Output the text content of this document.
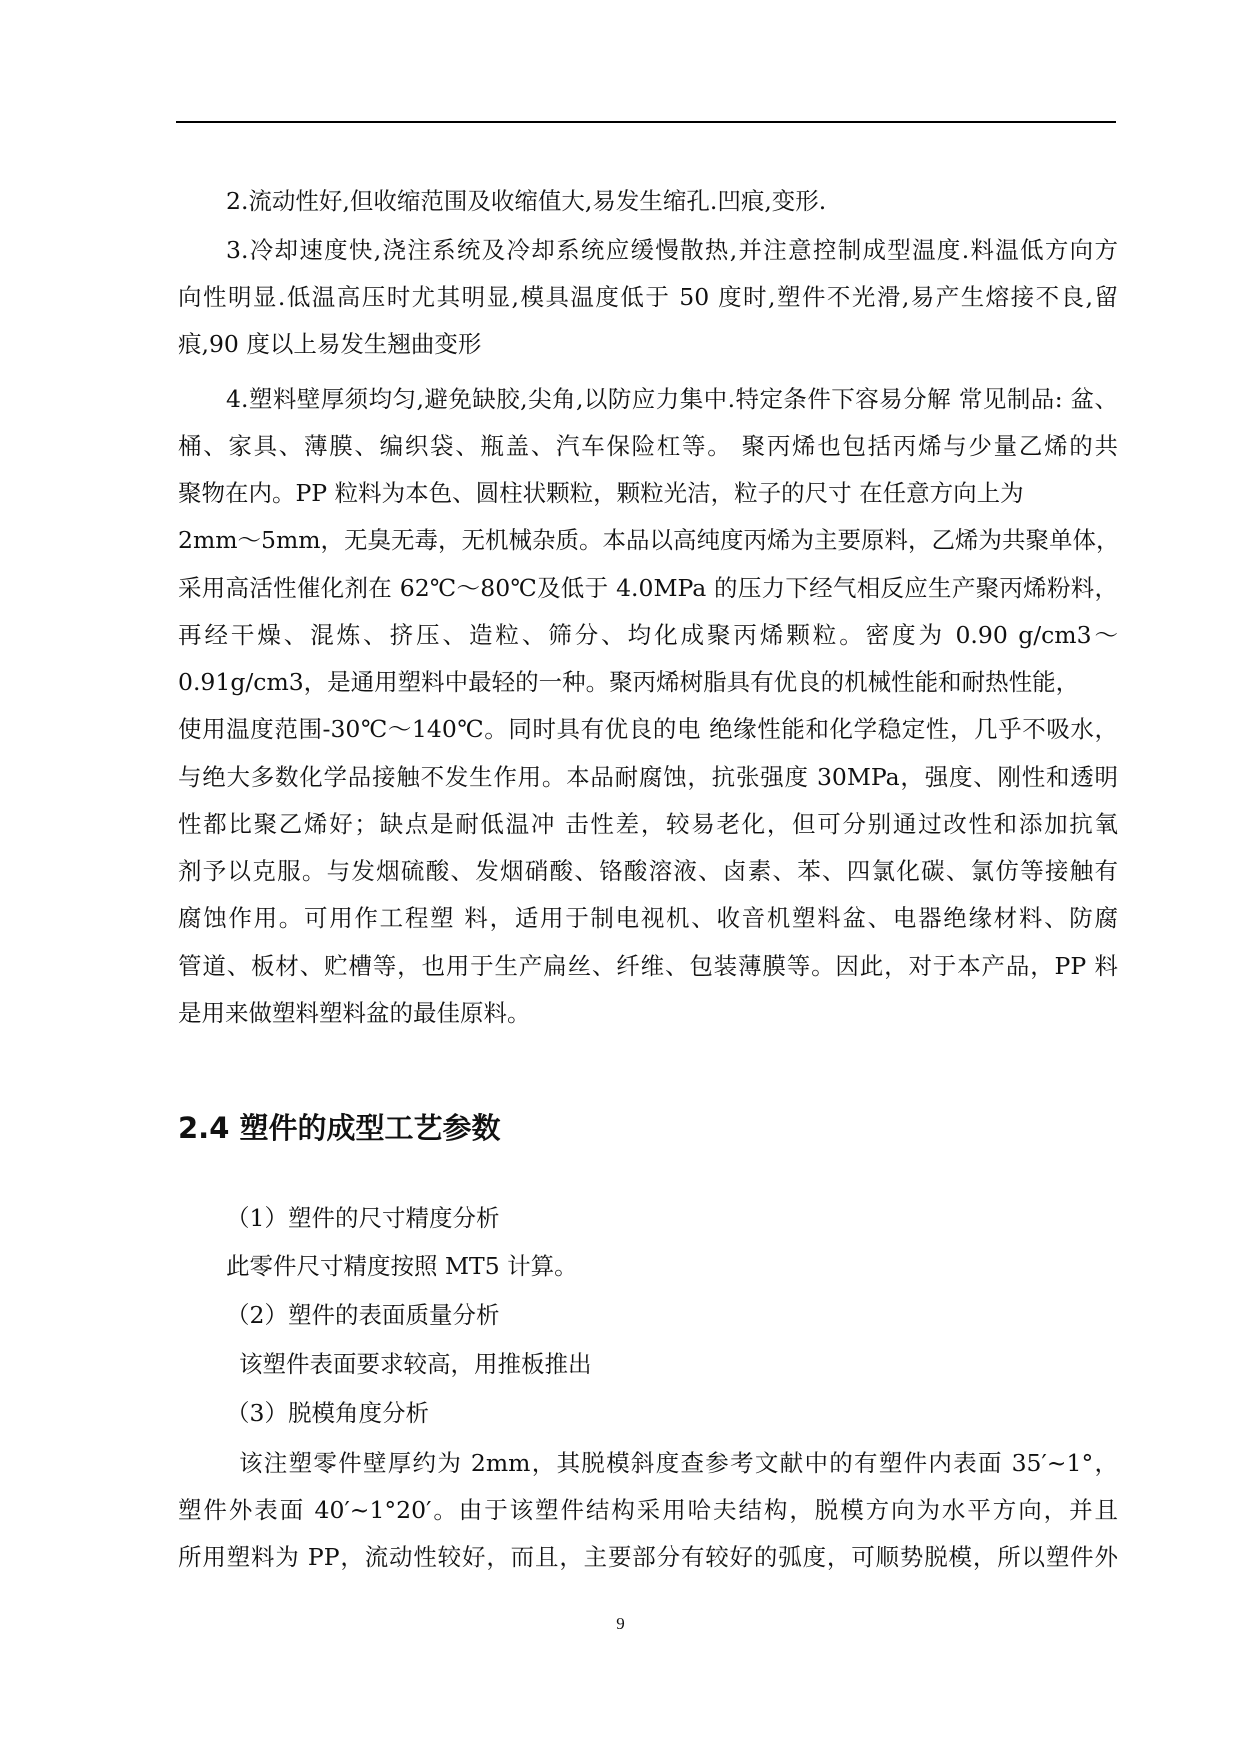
2.流动性好,但收缩范围及收缩值大,易发生缩孔.凹痕,变形.
3.冷却速度快,浇注系统及冷却系统应缓慢散热,并注意控制成型温度.料温低方向方
向性明显.低温高压时尤其明显,模具温度低于 50 度时,塑件不光滑,易产生熔接不良,留
痕,90 度以上易发生翘曲变形
4.塑料壁厚须均匀,避免缺胶,尖角,以防应力集中.特定条件下容易分解 常见制品: 盆、
桶、家具、薄膜、编织袋、瓶盖、汽车保险杠等。 聚丙烯也包括丙烯与少量乙烯的共
聚物在内。PP 粒料为本色、圆柱状颗粒，颗粒光洁，粒子的尺寸 在任意方向上为
2mm～5mm，无臭无毒，无机械杂质。本品以高纯度丙烯为主要原料，乙烯为共聚单体，
采用高活性催化剂在 62℃～80℃及低于 4.0MPa 的压力下经气相反应生产聚丙烯粉料，
再经干燥、混炼、挤压、造粒、筛分、均化成聚丙烯颗粒。密度为 0.90 g/cm3～
0.91g/cm3，是通用塑料中最轻的一种。聚丙烯树脂具有优良的机械性能和耐热性能，
使用温度范围-30℃～140℃。同时具有优良的电 绝缘性能和化学稳定性，几乎不吸水，
与绝大多数化学品接触不发生作用。本品耐腐蚀，抗张强度 30MPa，强度、刚性和透明
性都比聚乙烯好；缺点是耐低温冲 击性差，较易老化，但可分别通过改性和添加抗氧
剂予以克服。与发烟硫酸、发烟硝酸、铬酸溶液、卤素、苯、四氯化碳、氯仿等接触有
腐蚀作用。可用作工程塑 料，适用于制电视机、收音机塑料盆、电器绝缘材料、防腐
管道、板材、贮槽等，也用于生产扁丝、纤维、包装薄膜等。因此，对于本产品，PP 料
是用来做塑料塑料盆的最佳原料。
2.4 塑件的成型工艺参数
（1）塑件的尺寸精度分析
此零件尺寸精度按照 MT5 计算。
（2）塑件的表面质量分析
该塑件表面要求较高，用推板推出
（3）脱模角度分析
该注塑零件壁厚约为 2mm，其脱模斜度查参考文献中的有塑件内表面 35′~1°，
塑件外表面 40′~1°20′。由于该塑件结构采用哈夫结构，脱模方向为水平方向，并且
所用塑料为 PP，流动性较好，而且，主要部分有较好的弧度，可顺势脱模，所以塑件外
9
